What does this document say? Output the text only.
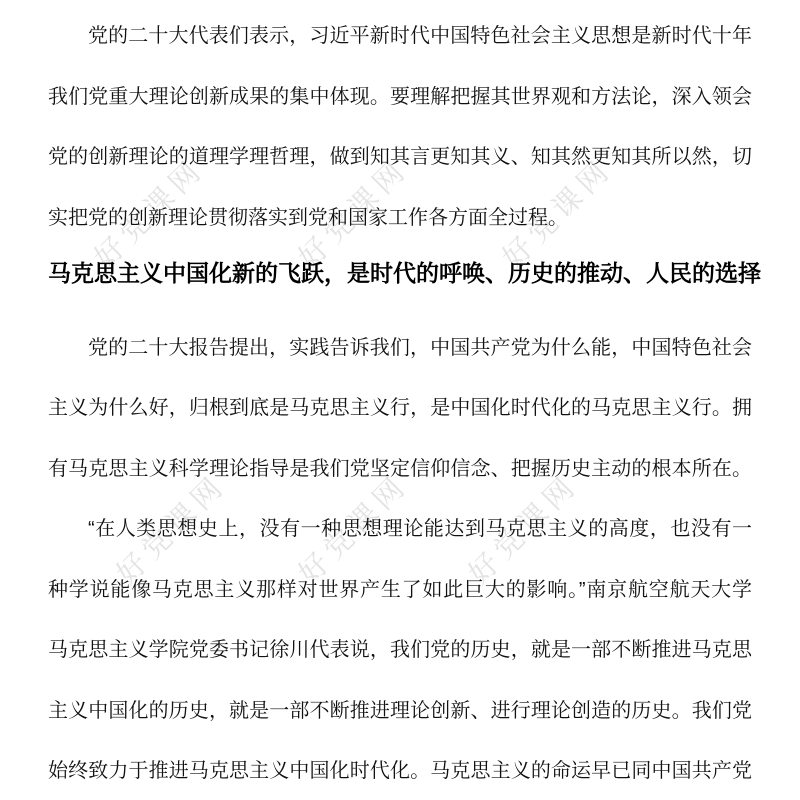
好党课网	好党课网	好党课网
好党课网 好党课网 好党课网
党的二十大代表们表示，习近平新时代中国特色社会主义思想是新时代十年
我们党重大理论创新成果的集中体现。要理解把握其世界观和方法论，深入领会
党的创新理论的道理学理哲理，做到知其言更知其义、知其然更知其所以然，切
实把党的创新理论贯彻落实到党和国家工作各方面全过程。
马克思主义中国化新的飞跃，是时代的呼唤、历史的推动、人民的选择
党的二十大报告提出，实践告诉我们，中国共产党为什么能，中国特色社会
主义为什么好，归根到底是马克思主义行，是中国化时代化的马克思主义行。拥
有马克思主义科学理论指导是我们党坚定信仰信念、把握历史主动的根本所在。
“在人类思想史上，没有一种思想理论能达到马克思主义的高度，也没有一
种学说能像马克思主义那样对世界产生了如此巨大的影响。”南京航空航天大学
马克思主义学院党委书记徐川代表说，我们党的历史，就是一部不断推进马克思
主义中国化的历史，就是一部不断推进理论创新、进行理论创造的历史。我们党
始终致力于推进马克思主义中国化时代化。马克思主义的命运早已同中国共产党
